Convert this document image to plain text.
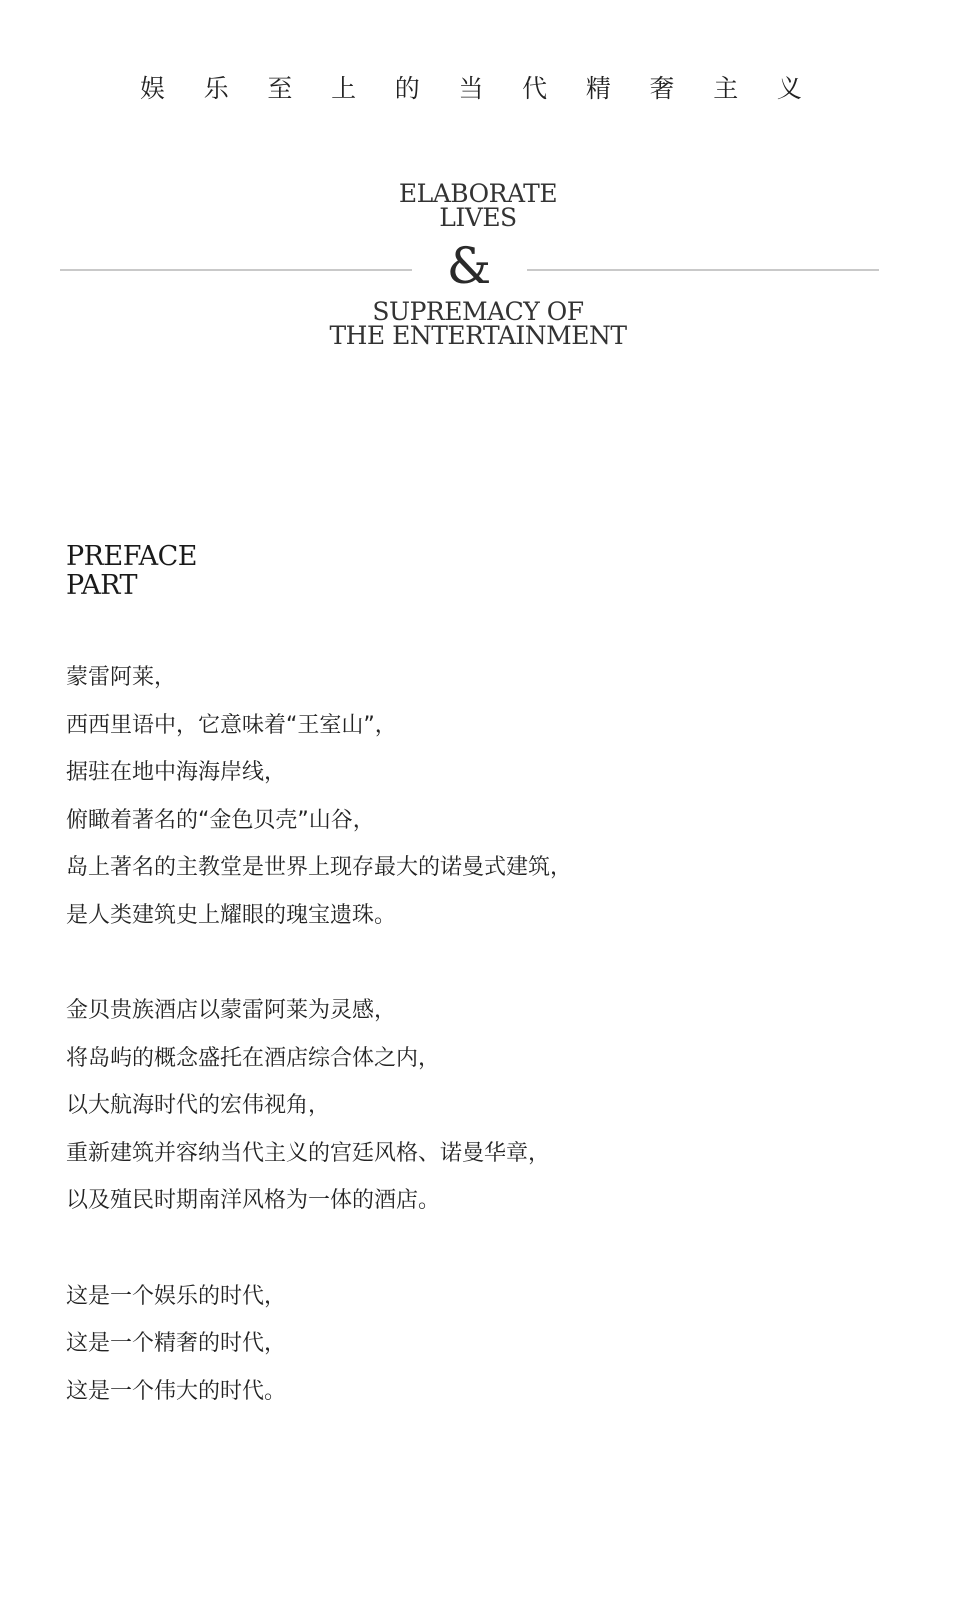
娱 乐 至 上 的 当 代 精 奢 主 义
ELABORATE
LIVES
&
SUPREMACY OF
THE ENTERTAINMENT
PREFACE
PART
蒙雷阿莱，
西西里语中，它意味着“王室山”，
据驻在地中海海岸线，
俯瞰着著名的“金色贝壳”山谷，
岛上著名的主教堂是世界上现存最大的诺曼式建筑，
是人类建筑史上耀眼的瑰宝遗珠。
金贝贵族酒店以蒙雷阿莱为灵感，
将岛屿的概念盛托在酒店综合体之内，
以大航海时代的宏伟视角，
重新建筑并容纳当代主义的宫廷风格、诺曼华章，
以及殖民时期南洋风格为一体的酒店。
这是一个娱乐的时代，
这是一个精奢的时代，
这是一个伟大的时代。
